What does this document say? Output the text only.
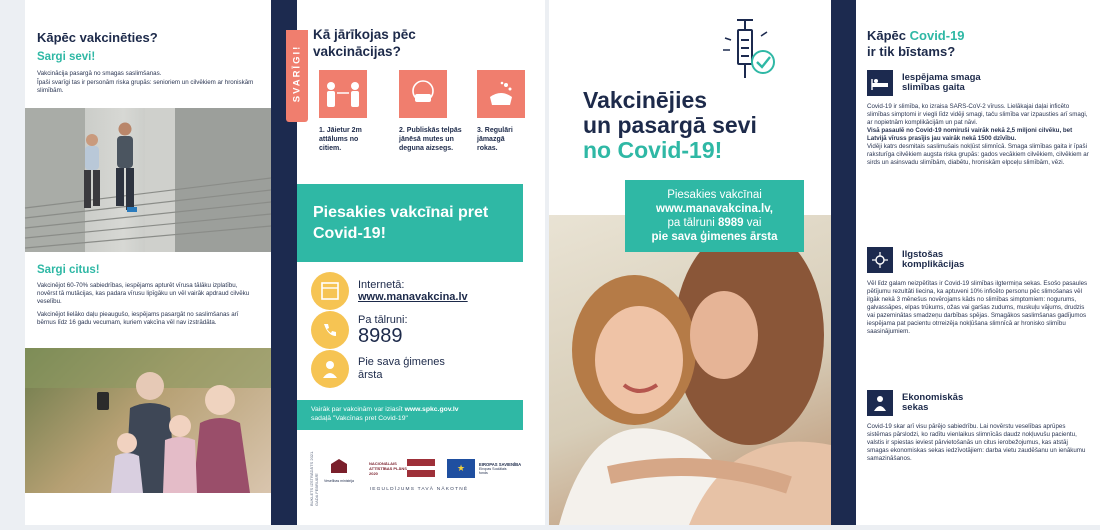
Kāpēc vakcinēties?
Sargi sevi!
Vakcinācija pasargā no smagas saslimšanas.
Īpaši svarīgi tas ir personām riska grupās: senioriem un cilvēkiem ar hroniskām slimībām.
Sargi citus!
Vakcinējot 60-70% sabiedrības, iespējams apturēt vīrusa tālāku izplatību, novērst tā mutācijas, kas padara vīrusu lipīgāku un vēl vairāk apdraud cilvēku veselību.
Vakcinējot lielāko daļu pieaugušo, iespējams pasargāt no saslimšanas arī bērnus līdz 16 gadu vecumam, kuriem vakcīna vēl nav izstrādāta.
SVARĪGI!
Kā jārīkojas pēc vakcinācijas?
1. Jāietur 2m attālums no citiem.
2. Publiskās telpās jānēsā mutes un deguna aizsegs.
3. Regulāri jāmazgā rokas.
Piesakies vakcīnai pret Covid-19!
Internetā:
www.manavakcina.lv
Pa tālruni:
8989
Pie sava ģimenes ārsta
Vairāk par vakcinām var iziasīt www.spkc.gov.lv
sadaļā "Vakcīnas pret Covid-19"
BUKLETS IZSTRĀDĀTS 2021. GADA FEBRUĀRĪ	Veselības ministrija
NACIONĀLAIS ATTĪSTĪBAS PLĀNS 2020	★	EIROPAS SAVIENĪBA
Eiropas Sociālais fonds
IEGULDĪJUMS TAVĀ NĀKOTNĒ
Vakcinējies
un pasargā sevi
no Covid-19!
Piesakies vakcīnai
www.manavakcina.lv,
pa tālruni 8989 vai
pie sava ģimenes ārsta
Kāpēc Covid-19
ir tik bīstams?
Iespējama smaga slimības gaita
Covid-19 ir slimība, ko izraisa SARS-CoV-2 vīruss. Lielākajai daļai inficēto slimības simptomi ir viegli līdz vidēji smagi, taču slimība var izpausties arī smagi, ar nopietnām komplikācijām un pat nāvi.
Visā pasaulē no Covid-19 nomiruši vairāk nekā 2,5 miljoni cilvēku, bet Latvijā vīruss prasījis jau vairāk nekā 1500 dzīvību.
Vidēji katrs desmitais saslimušais nokļūst slimnīcā. Smaga slimības gaita ir īpaši raksturīga cilvēkiem augsta riska grupās: gados vecākiem cilvēkiem, cilvēkiem ar sirds un asinsvadu slimībām, diabētu, hroniskām elpceļu slimībām, vēzi.
Ilgstošas komplikācijas
Vēl līdz galam neizpētītas ir Covid-19 slimības ilgtermiņa sekas. Esošo pasaules pētījumu rezultāti liecina, ka aptuveni 10% inficēto personu pēc slimošanas vēl ilgāk nekā 3 mēnešus novērojams kāds no slimības simptomiem: nogurums, galvassāpes, elpas trūkums, ožas vai garšas zudums, muskuļu vājums, drudzis vai pazeminātas smadzeņu darbības spējas. Smagākos saslimšanas gadījumos iespējama pat pacientu otrreizēja nokļūšana slimnīcā ar hronisko slimību saasinājumiem.
Ekonomiskās sekas
Covid-19 skar arī visu pārējo sabiedrību. Lai novērstu veselības aprūpes sistēmas pārslodzi, ko radītu vienlaikus slimnīcās daudz nokļuvušu pacientu, valstis ir spiestas ieviest pārvietošanās un citus ierobežojumus, kas atstāj smagas ekonomiskas sekas iedzīvotājiem: darba vietu zaudēšanu un ienākumu samazināšanos.
